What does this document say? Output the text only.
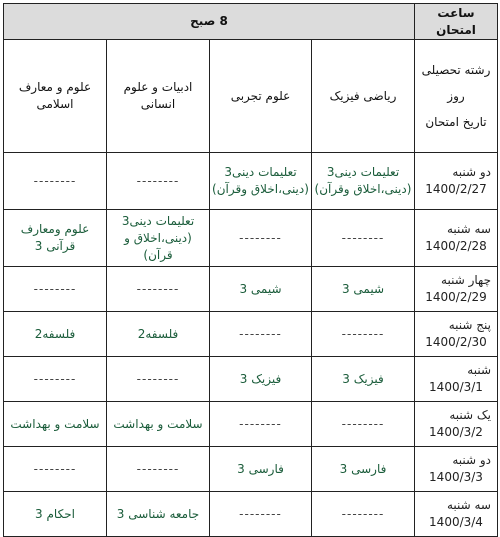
ساعت امتحان	8 صبح			

رشته تحصیلی
روز
تاریخ امتحان	ریاضی فیزیک	علوم تجربی	ادبیات و علوم انسانی	علوم و معارف اسلامی

دو شنبه
1400/2/27	تعلیمات دینی3 (دینی،اخلاق وقرآن)	تعلیمات دینی3 (دینی،اخلاق وقرآن)	--------	--------

سه شنبه
1400/2/28	--------	--------	تعلیمات دینی3 (دینی،اخلاق و قرآن)	علوم ومعارف قرآنی 3

چهار شنبه
1400/2/29	شیمی 3	شیمی 3	--------	--------

پنج شنبه
1400/2/30	--------	--------	فلسفه2	فلسفه2

شنبه
1400/3/1	فیزیک 3	فیزیک 3	--------	--------

یک شنبه
1400/3/2	--------	--------	سلامت و بهداشت	سلامت و بهداشت

دو شنبه
1400/3/3	فارسی 3	فارسی 3	--------	--------

سه شنبه
1400/3/4	--------	--------	جامعه شناسی 3	احکام 3
